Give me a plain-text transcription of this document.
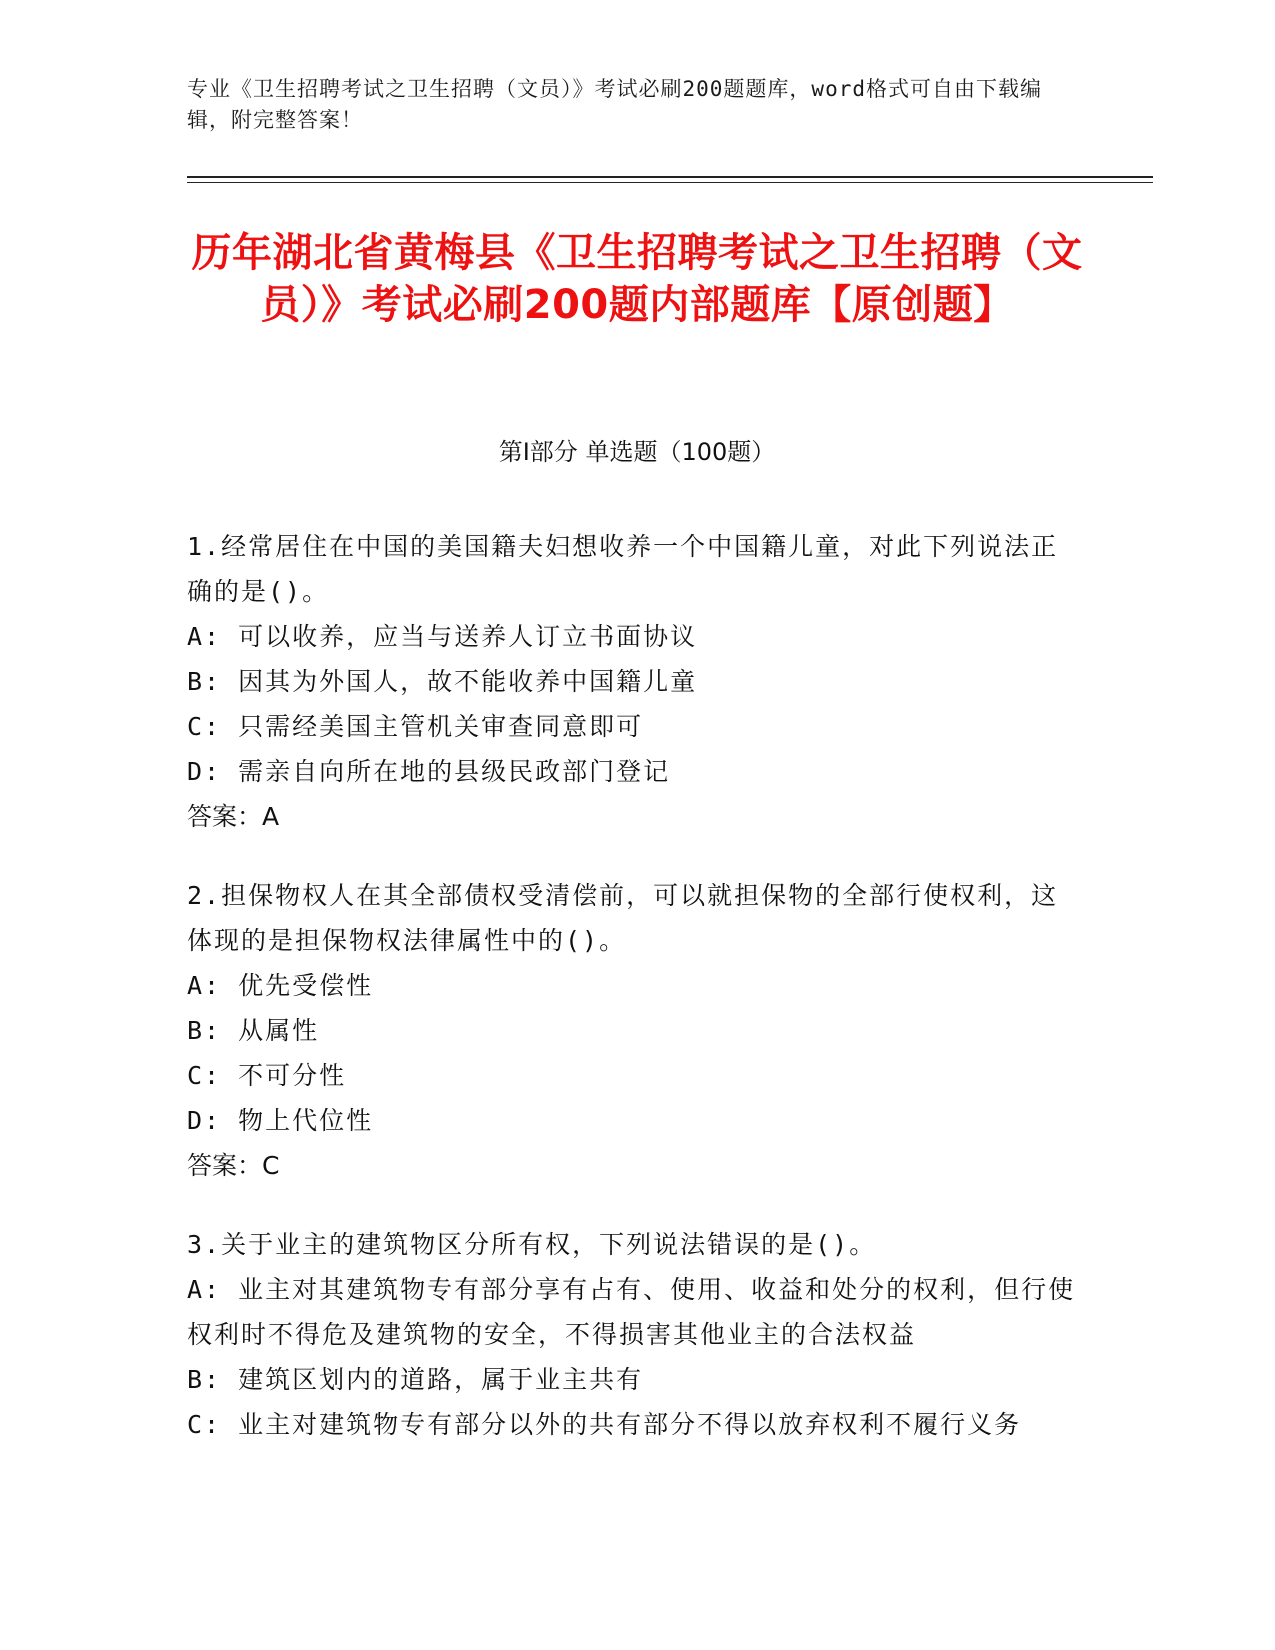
专业《卫生招聘考试之卫生招聘（文员）》考试必刷200题题库，word格式可自由下载编辑，附完整答案！
历年湖北省黄梅县《卫生招聘考试之卫生招聘（文员）》考试必刷200题内部题库【原创题】
第Ⅰ部分 单选题（100题）
1.经常居住在中国的美国籍夫妇想收养一个中国籍儿童，对此下列说法正确的是()。
A: 可以收养，应当与送养人订立书面协议
B: 因其为外国人，故不能收养中国籍儿童
C: 只需经美国主管机关审查同意即可
D: 需亲自向所在地的县级民政部门登记
答案：A
2.担保物权人在其全部债权受清偿前，可以就担保物的全部行使权利，这体现的是担保物权法律属性中的()。
A: 优先受偿性
B: 从属性
C: 不可分性
D: 物上代位性
答案：C
3.关于业主的建筑物区分所有权，下列说法错误的是()。
A: 业主对其建筑物专有部分享有占有、使用、收益和处分的权利，但行使权利时不得危及建筑物的安全，不得损害其他业主的合法权益
B: 建筑区划内的道路，属于业主共有
C: 业主对建筑物专有部分以外的共有部分不得以放弃权利不履行义务
